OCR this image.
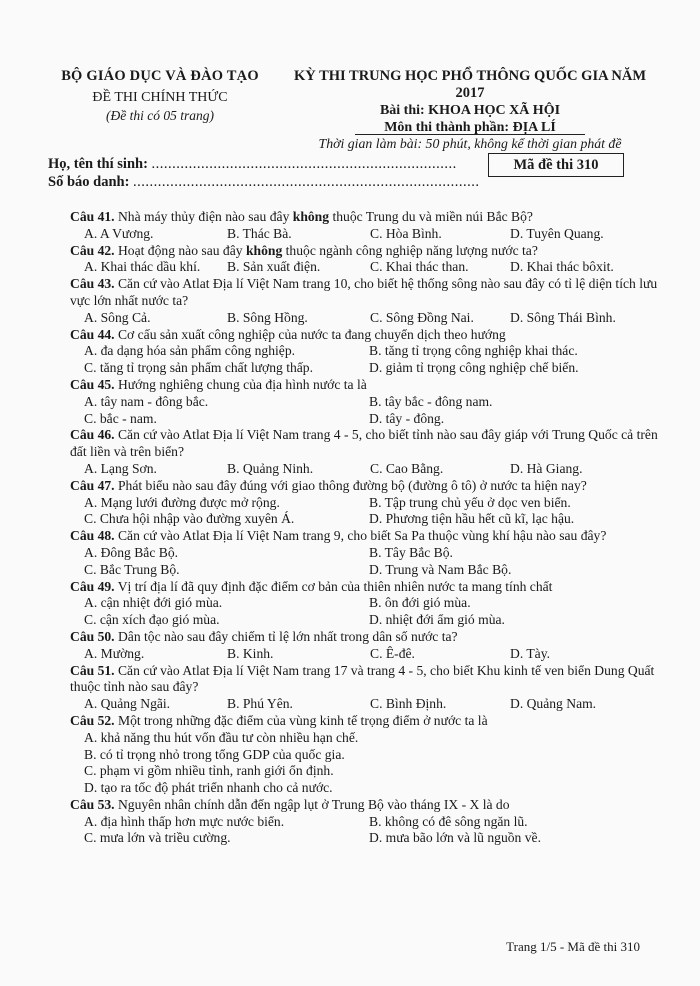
BỘ GIÁO DỤC VÀ ĐÀO TẠO
ĐỀ THI CHÍNH THỨC
(Đề thi có 05 trang)
KỲ THI TRUNG HỌC PHỔ THÔNG QUỐC GIA NĂM 2017
Bài thi: KHOA HỌC XÃ HỘI
Môn thi thành phần: ĐỊA LÍ
Thời gian làm bài: 50 phút, không kể thời gian phát đề
Họ, tên thí sinh: ..........................................................................
Số báo danh: ....................................................................................
Mã đề thi 310

Câu 41. Nhà máy thủy điện nào sau đây không thuộc Trung du và miền núi Bắc Bộ?

A. A Vương.	B. Thác Bà.	C. Hòa Bình.	D. Tuyên Quang.

Câu 42. Hoạt động nào sau đây không thuộc ngành công nghiệp năng lượng nước ta?

A. Khai thác dầu khí.	B. Sản xuất điện.	C. Khai thác than.	D. Khai thác bôxit.

Câu 43. Căn cứ vào Atlat Địa lí Việt Nam trang 10, cho biết hệ thống sông nào sau đây có tỉ lệ diện tích lưu vực lớn nhất nước ta?

A. Sông Cả.	B. Sông Hồng.	C. Sông Đồng Nai.	D. Sông Thái Bình.

Câu 44. Cơ cấu sản xuất công nghiệp của nước ta đang chuyển dịch theo hướng

A. đa dạng hóa sản phẩm công nghiệp.	B. tăng tỉ trọng công nghiệp khai thác.
C. tăng tỉ trọng sản phẩm chất lượng thấp.	D. giảm tỉ trọng công nghiệp chế biến.

Câu 45. Hướng nghiêng chung của địa hình nước ta là

A. tây nam - đông bắc.	B. tây bắc - đông nam.
C. bắc - nam.	D. tây - đông.

Câu 46. Căn cứ vào Atlat Địa lí Việt Nam trang 4 - 5, cho biết tỉnh nào sau đây giáp với Trung Quốc cả trên đất liền và trên biển?

A. Lạng Sơn.	B. Quảng Ninh.	C. Cao Bằng.	D. Hà Giang.

Câu 47. Phát biểu nào sau đây đúng với giao thông đường bộ (đường ô tô) ở nước ta hiện nay?

A. Mạng lưới đường được mở rộng.	B. Tập trung chủ yếu ở dọc ven biển.
C. Chưa hội nhập vào đường xuyên Á.	D. Phương tiện hầu hết cũ kĩ, lạc hậu.

Câu 48. Căn cứ vào Atlat Địa lí Việt Nam trang 9, cho biết Sa Pa thuộc vùng khí hậu nào sau đây?

A. Đông Bắc Bộ.	B. Tây Bắc Bộ.
C. Bắc Trung Bộ.	D. Trung và Nam Bắc Bộ.

Câu 49. Vị trí địa lí đã quy định đặc điểm cơ bản của thiên nhiên nước ta mang tính chất

A. cận nhiệt đới gió mùa.	B. ôn đới gió mùa.
C. cận xích đạo gió mùa.	D. nhiệt đới ẩm gió mùa.

Câu 50. Dân tộc nào sau đây chiếm tỉ lệ lớn nhất trong dân số nước ta?

A. Mường.	B. Kinh.	C. Ê-đê.	D. Tày.

Câu 51. Căn cứ vào Atlat Địa lí Việt Nam trang 17 và trang 4 - 5, cho biết Khu kinh tế ven biển Dung Quất thuộc tỉnh nào sau đây?

A. Quảng Ngãi.	B. Phú Yên.	C. Bình Định.	D. Quảng Nam.

Câu 52. Một trong những đặc điểm của vùng kinh tế trọng điểm ở nước ta là

A. khả năng thu hút vốn đầu tư còn nhiều hạn chế.
B. có tỉ trọng nhỏ trong tổng GDP của quốc gia.
C. phạm vi gồm nhiều tỉnh, ranh giới ổn định.
D. tạo ra tốc độ phát triển nhanh cho cả nước.

Câu 53. Nguyên nhân chính dẫn đến ngập lụt ở Trung Bộ vào tháng IX - X là do

A. địa hình thấp hơn mực nước biển.	B. không có đê sông ngăn lũ.
C. mưa lớn và triều cường.	D. mưa bão lớn và lũ nguồn về.
Trang 1/5 - Mã đề thi 310
